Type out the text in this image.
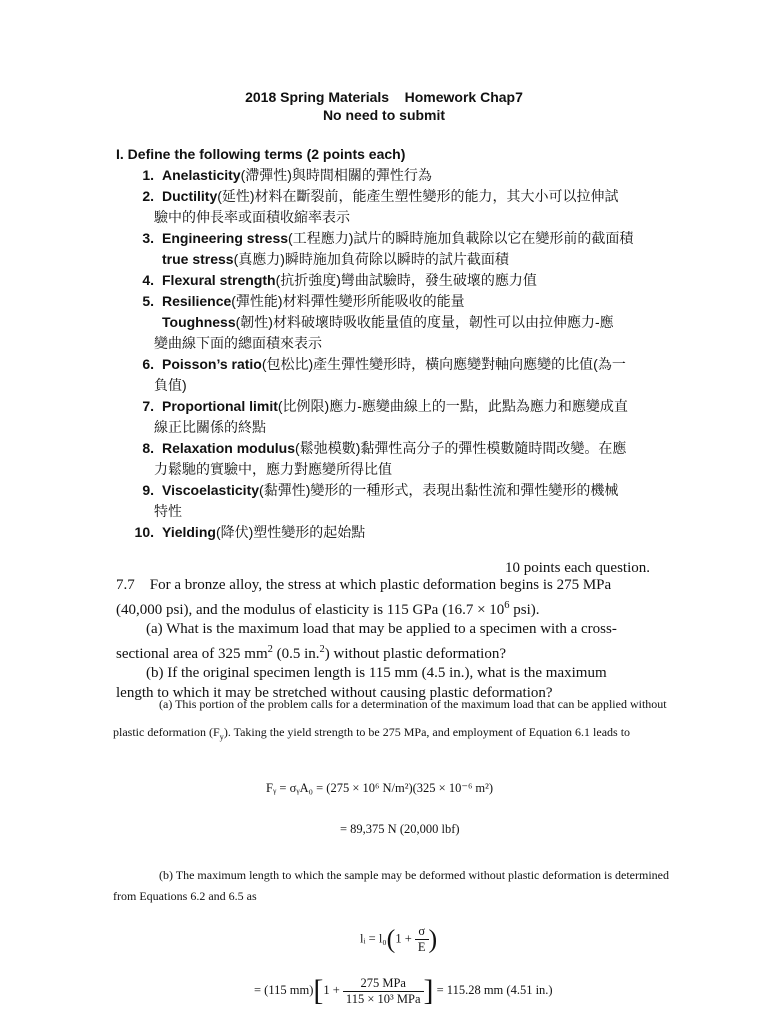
2018 Spring Materials    Homework Chap7
No need to submit
I. Define the following terms (2 points each)
1. Anelasticity(滯彈性)與時間相關的彈性行為
2. Ductility(延性)材料在斷裂前，能產生塑性變形的能力，其大小可以拉伸試
驗中的伸長率或面積收縮率表示
3. Engineering stress(工程應力)試片的瞬時施加負載除以它在變形前的截面積
true stress(真應力)瞬時施加負荷除以瞬時的試片截面積
4. Flexural strength(抗折強度)彎曲試驗時，發生破壞的應力值
5. Resilience(彈性能)材料彈性變形所能吸收的能量
Toughness(韌性)材料破壞時吸收能量值的度量，韌性可以由拉伸應力-應
變曲線下面的總面積來表示
6. Poisson’s ratio(包松比)產生彈性變形時，橫向應變對軸向應變的比值(為一
負值)
7. Proportional limit(比例限)應力-應變曲線上的一點，此點為應力和應變成直
線正比關係的終點
8. Relaxation modulus(鬆弛模數)黏彈性高分子的彈性模數隨時間改變。在應
力鬆馳的實驗中，應力對應變所得比值
9. Viscoelasticity(黏彈性)變形的一種形式，表現出黏性流和彈性變形的機械
特性
10. Yielding(降伏)塑性變形的起始點
10 points each question.
7.7 For a bronze alloy, the stress at which plastic deformation begins is 275 MPa
(40,000 psi), and the modulus of elasticity is 115 GPa ($16.7 \times 10^6$ psi).
(a) What is the maximum load that may be applied to a specimen with a cross-
sectional area of 325 $mm^2$ (0.5 in.$^2$) without plastic deformation?
(b) If the original specimen length is 115 mm (4.5 in.), what is the maximum
length to which it may be stretched without causing plastic deformation?
(a) This portion of the problem calls for a determination of the maximum load that can be applied without
plastic deformation $(F_y)$. Taking the yield strength to be 275 MPa, and employment of Equation 6.1 leads to
Fᵧ = σᵧA₀ = (275 × 10⁶ N/m²)(325 × 10⁻⁶ m²)
= 89,375 N (20,000 lbf)
(b) The maximum length to which the sample may be deformed without plastic deformation is determined
from Equations 6.2 and 6.5 as
lᵢ = $l_0(1 + \frac{\sigma}{E}$ )
= (115 $mm)[1 + \frac{\text{275 MPa}}{\text{115 × 10³ MPa}}$ ] = 115.28 mm (4.51 in.)
